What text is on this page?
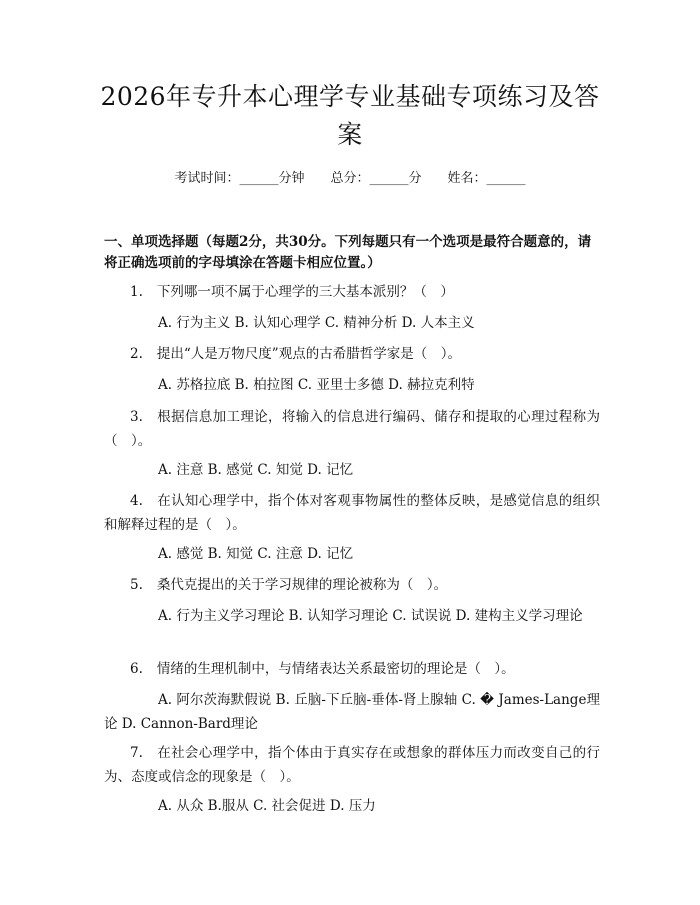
2026年专升本心理学专业基础专项练习及答案
考试时间：______分钟 总分：______分 姓名：______

一、单项选择题（每题2分，共30分。下列每题只有一个选项是最符合题意的，请将正确选项前的字母填涂在答题卡相应位置。）

1. 下列哪一项不属于心理学的三大基本派别？（　）

A. 行为主义 B. 认知心理学 C. 精神分析 D. 人本主义

2. 提出“人是万物尺度”观点的古希腊哲学家是（　）。

A. 苏格拉底 B. 柏拉图 C. 亚里士多德 D. 赫拉克利特

3. 根据信息加工理论，将输入的信息进行编码、储存和提取的心理过程称为（　）。

A. 注意 B. 感觉 C. 知觉 D. 记忆

4. 在认知心理学中，指个体对客观事物属性的整体反映，是感觉信息的组织和解释过程的是（　）。

A. 感觉 B. 知觉 C. 注意 D. 记忆

5. 桑代克提出的关于学习规律的理论被称为（　）。

A. 行为主义学习理论 B. 认知学习理论 C. 试误说 D. 建构主义学习理论

6. 情绪的生理机制中，与情绪表达关系最密切的理论是（　）。

A. 阿尔茨海默假说 B. 丘脑-下丘脑-垂体-肾上腺轴 C. � James-Lange理论 D. Cannon-Bard理论

7. 在社会心理学中，指个体由于真实存在或想象的群体压力而改变自己的行为、态度或信念的现象是（　）。

A. 从众 B.服从 C. 社会促进 D. 压力
